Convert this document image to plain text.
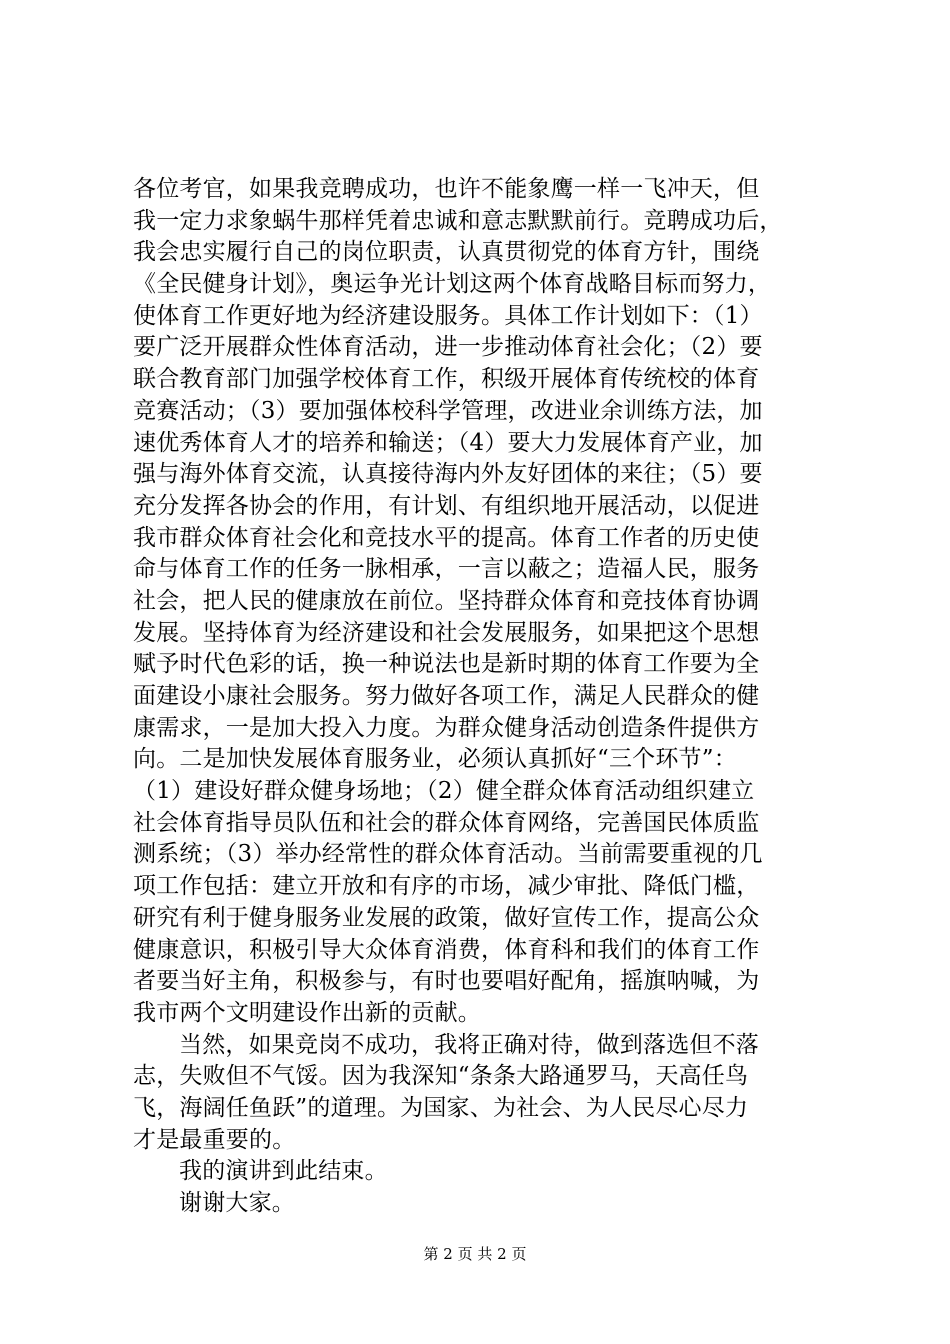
各位考官，如果我竞聘成功，也许不能象鹰一样一飞冲天，但
我一定力求象蜗牛那样凭着忠诚和意志默默前行。竞聘成功后，
我会忠实履行自己的岗位职责，认真贯彻党的体育方针，围绕
《全民健身计划》，奥运争光计划这两个体育战略目标而努力，
使体育工作更好地为经济建设服务。具体工作计划如下：（1）
要广泛开展群众性体育活动，进一步推动体育社会化；（2）要
联合教育部门加强学校体育工作，积级开展体育传统校的体育
竞赛活动；（3）要加强体校科学管理，改进业余训练方法，加
速优秀体育人才的培养和输送；（4）要大力发展体育产业，加
强与海外体育交流，认真接待海内外友好团体的来往；（5）要
充分发挥各协会的作用，有计划、有组织地开展活动，以促进
我市群众体育社会化和竞技水平的提高。体育工作者的历史使
命与体育工作的任务一脉相承，一言以蔽之；造福人民，服务
社会，把人民的健康放在前位。坚持群众体育和竞技体育协调
发展。坚持体育为经济建设和社会发展服务，如果把这个思想
赋予时代色彩的话，换一种说法也是新时期的体育工作要为全
面建设小康社会服务。努力做好各项工作，满足人民群众的健
康需求，一是加大投入力度。为群众健身活动创造条件提供方
向。二是加快发展体育服务业，必须认真抓好“三个环节”：
（1）建设好群众健身场地；（2）健全群众体育活动组织建立
社会体育指导员队伍和社会的群众体育网络，完善国民体质监
测系统；（3）举办经常性的群众体育活动。当前需要重视的几
项工作包括：建立开放和有序的市场，减少审批、降低门槛，
研究有利于健身服务业发展的政策，做好宣传工作，提高公众
健康意识，积极引导大众体育消费，体育科和我们的体育工作
者要当好主角，积极参与，有时也要唱好配角，摇旗呐喊，为
我市两个文明建设作出新的贡献。
当然，如果竞岗不成功，我将正确对待，做到落选但不落
志，失败但不气馁。因为我深知“条条大路通罗马，天高任鸟
飞，海阔任鱼跃”的道理。为国家、为社会、为人民尽心尽力
才是最重要的。
我的演讲到此结束。
谢谢大家。
第 2 页 共 2 页
